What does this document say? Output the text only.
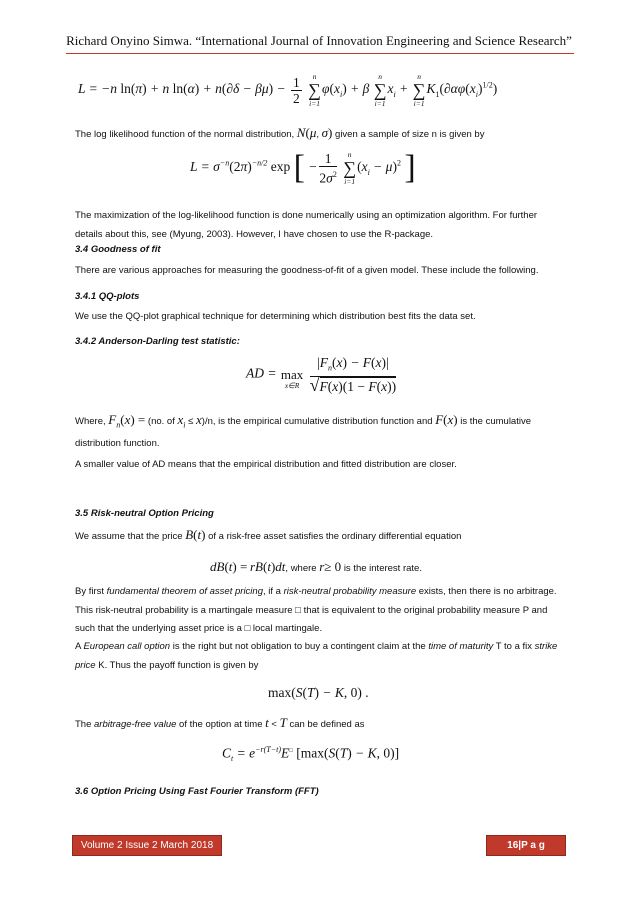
Richard Onyino Simwa. “International Journal of Innovation Engineering and Science Research”
L = −n ln(π) + n $\ln(\alpha) + n(\partial\delta - \beta\mu) - \frac{1}{2}$
	n
∑
i=1
$\varphi(x_i) + \beta$
n
∑
i=1
$x_i$ +
n
∑
i=1
$K_1(\partial\alpha\varphi(x_i)^{1/2})$
The log likelihood function of the normal distribution, N(μ, σ) given a sample of size n is given by
$L = \sigma^{-n}(2\pi)^{-n/2}$ exp [ − $\frac{1}{2\sigma^2}$
	n
∑
i=1
$(x_i - \mu)^2$ ]
The maximization of the log-likelihood function is done numerically using an optimization algorithm. For further details about this, see (Myung, 2003). However, I have chosen to use the R-package.
3.4 Goodness of fit
There are various approaches for measuring the goodness-of-fit of a given model. These include the following.
3.4.1 QQ-plots
We use the QQ-plot graphical technique for determining which distribution best fits the data set.
3.4.2 Anderson-Darling test statistic:
AD =
max
x∈R
$\frac{|F_n(x) - F(x)|}{√F(x)(1 - F(x))}$
Where, $F_n(x) = (no$. of $x_i \le x)/n$, is the empirical cumulative distribution function and F(x) is the cumulative
distribution function.
A smaller value of AD means that the empirical distribution and fitted distribution are closer.
3.5 Risk-neutral Option Pricing
We assume that the price B(t) of a risk-free asset satisfies the ordinary differential equation
dB(t) = rB(t)dt, where r≥ 0 is the interest rate.
By first fundamental theorem of asset pricing, if a risk-neutral probability measure exists, then there is no arbitrage. This risk-neutral probability is a martingale measure □ that is equivalent to the original probability measure P and such that the underlying asset price is a □ local martingale.
A European call option is the right but not obligation to buy a contingent claim at the time of maturity T to a fix strike price K. Thus the payoff function is given by
max(S(T) − K, 0) .
The arbitrage-free value of the option at time t < T can be defined as
$C_t = e^{-r(T-t)}E^□$ [max(S(T) − K, 0)]
3.6 Option Pricing Using Fast Fourier Transform (FFT)
Volume 2 Issue 2 March 2018	16|P a g
